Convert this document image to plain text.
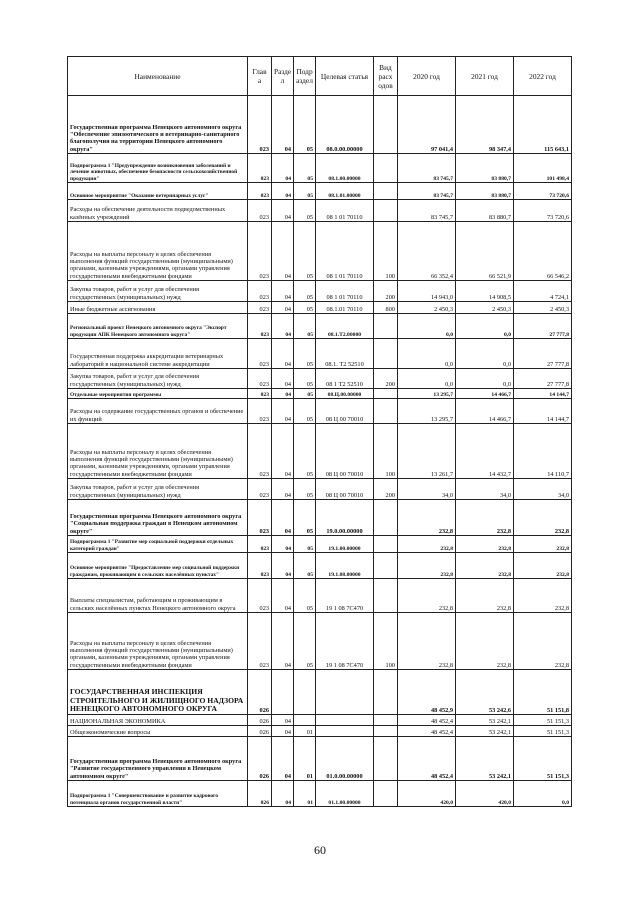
Наименование	Глав а	Разде л	Подр аздел	Целевая статья	Вид расх одов	2020 год	2021 год	2022 год
Государственная программа Ненецкого автономного округа "Обеспечение эпизоотического и ветеринарно-санитарного благополучия на территории Ненецкого автономного округа"	023	04	05	08.0.00.00000		97 041,4	98 347,4	115 643,1
Подпрограмма 1 "Предупреждение возникновения заболеваний и лечение животных, обеспечение безопасности сельскохозяйственной продукции"	023	04	05	08.1.00.00000		83 745,7	83 880,7	101 498,4
Основное мероприятие "Оказание ветеринарных услуг"	023	04	05	08.1.01.00000		83 745,7	83 880,7	73 720,6
Расходы на обеспечение деятельности подведомственных казённых учреждений	023	04	05	08 1 01 70110		83 745,7	83 880,7	73 720,6
Расходы на выплаты персоналу в целях обеспечения выполнения функций государственными (муниципальными) органами, казенными учреждениями, органами управления государственными внебюджетными фондами	023	04	05	08 1 01 70110	100	66 352,4	66 521,9	66 546,2
Закупка товаров, работ и услуг для обеспечения государственных (муниципальных) нужд	023	04	05	08 1 01 70110	200	14 943,0	14 908,5	4 724,1
Иные бюджетные ассигнования	023	04	05	08.1.01 70110	800	2 450,3	2 450,3	2 450,3
Региональный проект Ненецкого автономного округа "Экспорт продукции АПК Ненецкого автономного округа"	023	04	05	08.1.Т2.00000		0,0	0,0	27 777,8
Государственная поддержка аккредитации ветеринарных лабораторий в национальной системе аккредитации	023	04	05	08.1. Т2 52510		0,0	0,0	27 777,8
Закупка товаров, работ и услуг для обеспечения государственных (муниципальных) нужд	023	04	05	08 1 Т2 52510	200	0,0	0,0	27 777,8
Отдельные мероприятия программы	023	04	05	08.Ц.00.00000		13 295,7	14 466,7	14 144,7
Расходы на содержание государственных органов и обеспечение их функций	023	04	05	08 Ц 00 70010		13 295,7	14 466,7	14 144,7
Расходы на выплаты персоналу в целях обеспечения выполнения функций государственными (муниципальными) органами, казенными учреждениями, органами управления государственными внебюджетными фондами	023	04	05	08 Ц 00 70010	100	13 261,7	14 432,7	14 110,7
Закупка товаров, работ и услуг для обеспечения государственных (муниципальных) нужд	023	04	05	08 Ц 00 70010	200	34,0	34,0	34,0
Государственная программа Ненецкого автономного округа "Социальная поддержка граждан в Ненецком автономном округе"	023	04	05	19.0.00.00000		232,8	232,8	232,8
Подпрограмма 1 "Развитие мер социальной поддержки отдельных категорий граждан"	023	04	05	19.1.00.00000		232,8	232,8	232,8
Основное мероприятие "Предоставление мер социальной поддержки гражданам, проживающим в сельских населённых пунктах"	023	04	05	19.1.08.00000		232,8	232,8	232,8
Выплаты специалистам, работающим и проживающим в сельских населённых пунктах Ненецкого автономного округа	023	04	05	19 1 08 7С470		232,8	232,8	232,8
Расходы на выплаты персоналу в целях обеспечения выполнения функций государственными (муниципальными) органами, казенными учреждениями, органами управления государственными внебюджетными фондами	023	04	05	19 1 08 7С470	100	232,8	232,8	232,8
ГОСУДАРСТВЕННАЯ ИНСПЕКЦИЯ СТРОИТЕЛЬНОГО И ЖИЛИЩНОГО НАДЗОРА НЕНЕЦКОГО АВТОНОМНОГО ОКРУГА	026					48 452,9	53 242,6	51 151,8
НАЦИОНАЛЬНАЯ ЭКОНОМИКА	026	04				48 452,4	53 242,1	51 151,3
Общеэкономические вопросы	026	04	01			48 452,4	53 242,1	51 151,3
Государственная программа Ненецкого автономного округа "Развитие государственного управления в Ненецком автономном округе"	026	04	01	01.0.00.00000		48 452,4	53 242,1	51 151,3
Подпрограмма 1 "Совершенствование и развитие кадрового потенциала органов государственной власти"	026	04	01	01.1.00.00000		420,0	420,0	0,0
60
